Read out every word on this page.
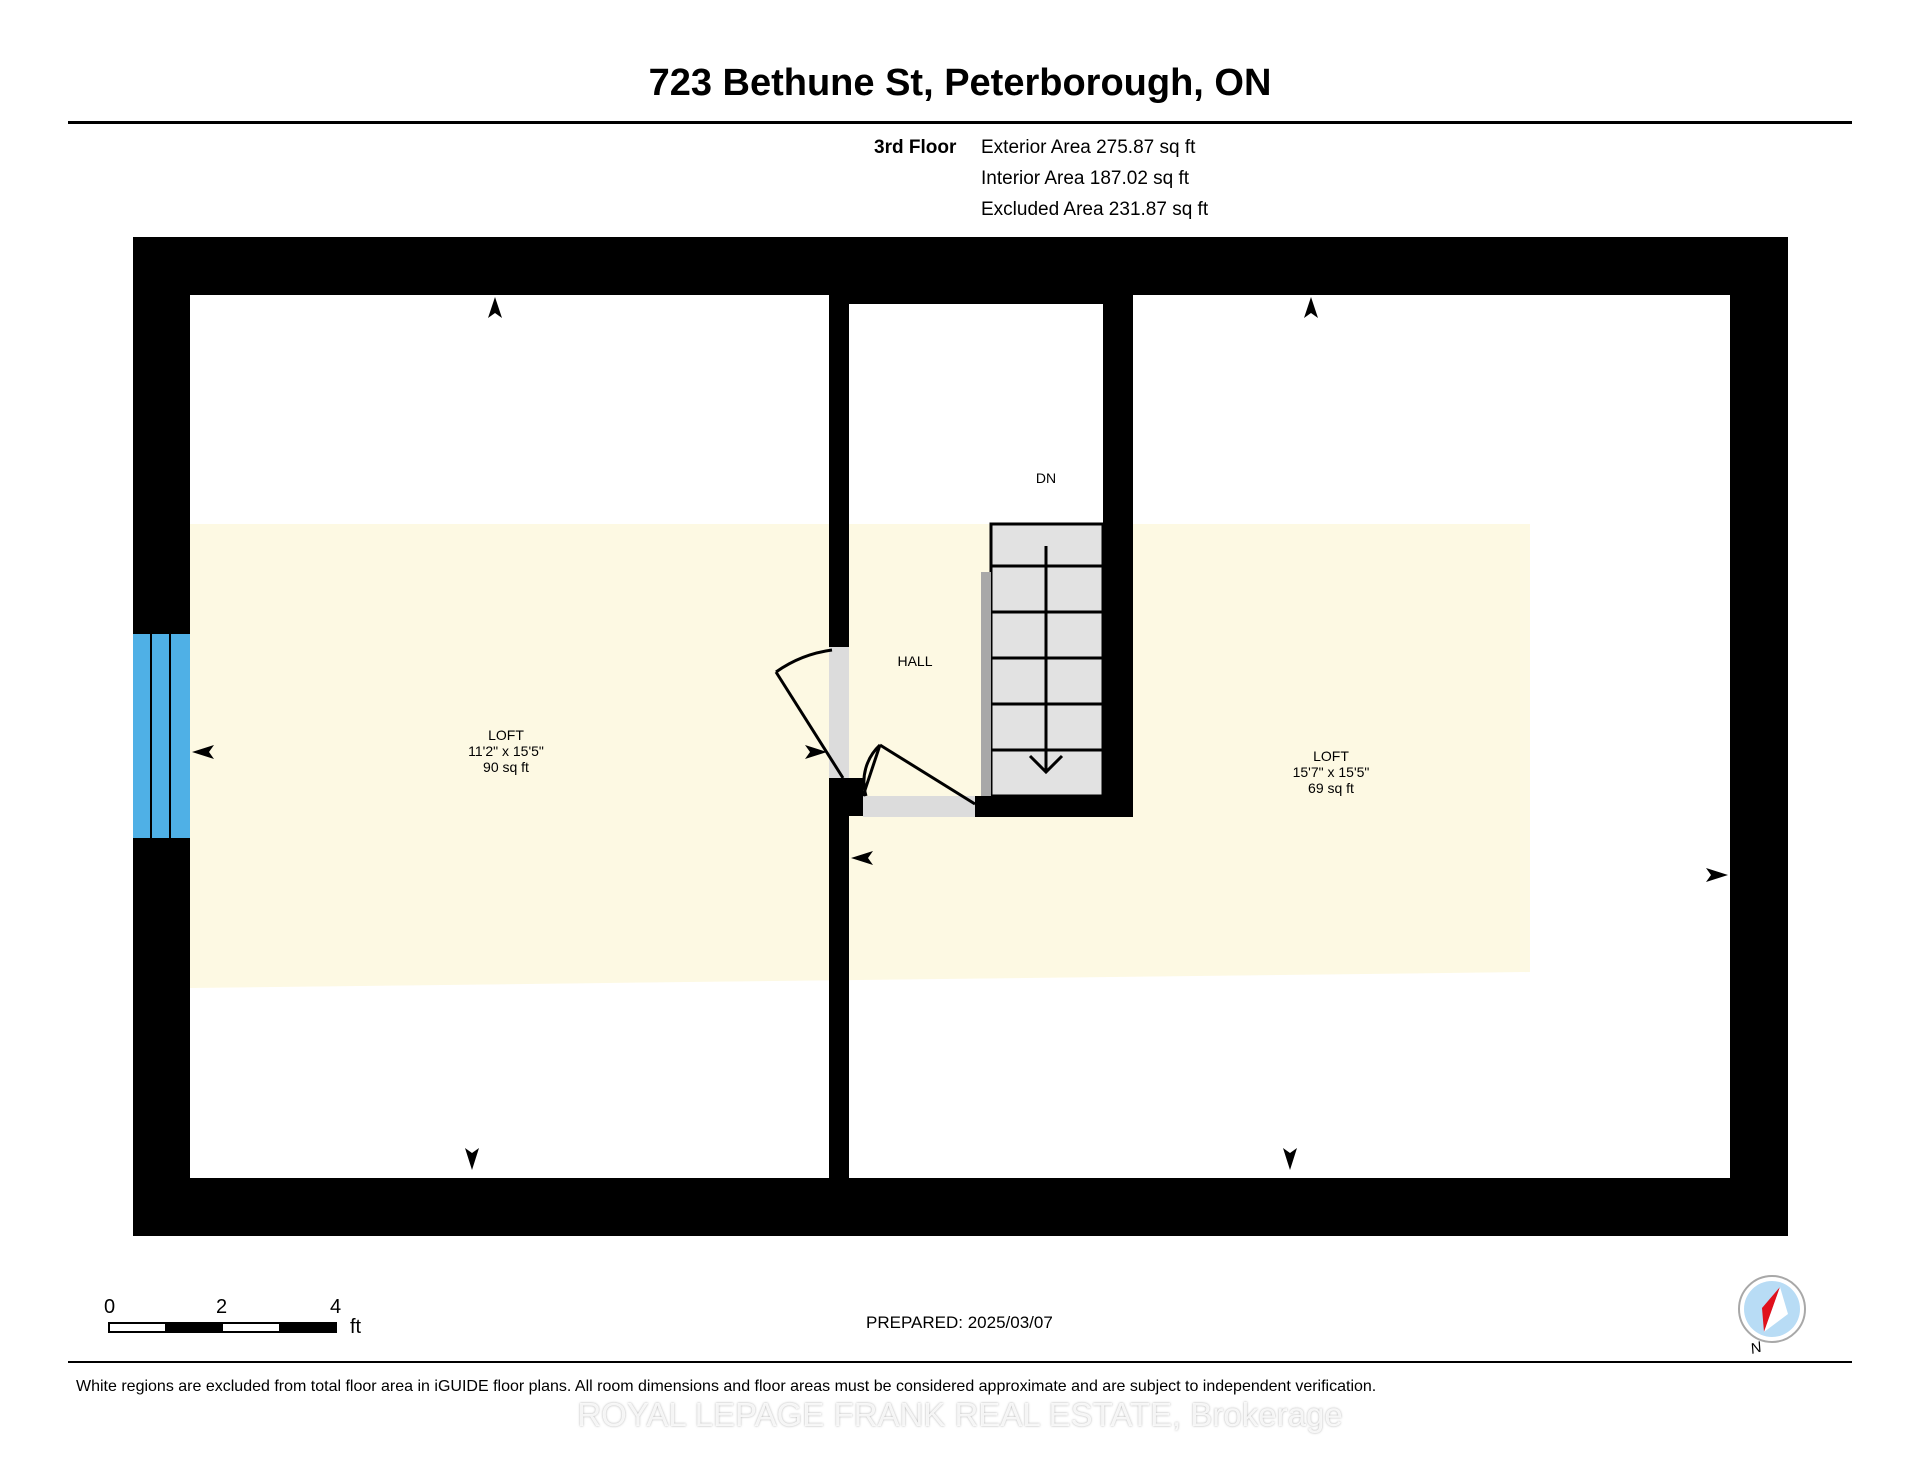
723 Bethune St, Peterborough, ON
3rd Floor Exterior Area 275.87 sq ft
Interior Area 187.02 sq ft
Excluded Area 231.87 sq ft
LOFT
11'2" x 15'5"
90 sq ft
HALL
DN
LOFT
15'7" x 15'5"
69 sq ft
N
0	2	4
ft	PREPARED: 2025/03/07
White regions are excluded from total floor area in iGUIDE floor plans. All room dimensions and floor areas must be considered approximate and are subject to independent verification.
ROYAL LEPAGE FRANK REAL ESTATE, Brokerage
